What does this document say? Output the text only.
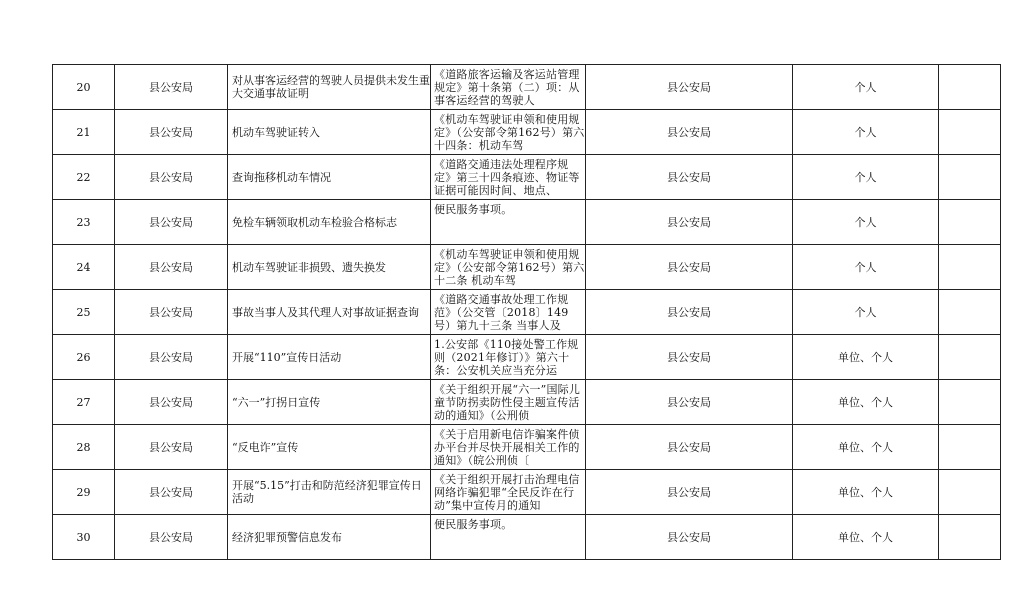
20	县公安局	对从事客运经营的驾驶人员提供未发生重大交通事故证明	《道路旅客运输及客运站管理规定》第十条第（二）项：从事客运经营的驾驶人	县公安局	个人	
21	县公安局	机动车驾驶证转入	《机动车驾驶证申领和使用规定》（公安部令第162号）第六十四条：机动车驾	县公安局	个人	
22	县公安局	查询拖移机动车情况	《道路交通违法处理程序规定》第三十四条痕迹、物证等证据可能因时间、地点、	县公安局	个人	
23	县公安局	免检车辆领取机动车检验合格标志	便民服务事项。	县公安局	个人	
24	县公安局	机动车驾驶证非损毁、遗失换发	《机动车驾驶证申领和使用规定》（公安部令第162号）第六十二条 机动车驾	县公安局	个人	
25	县公安局	事故当事人及其代理人对事故证据查询	《道路交通事故处理工作规范》（公交管〔2018〕149号）第九十三条 当事人及	县公安局	个人	
26	县公安局	开展“110”宣传日活动	1.公安部《110接处警工作规则（2021年修订）》第六十条：公安机关应当充分运	县公安局	单位、个人	
27	县公安局	“六一”打拐日宣传	《关于组织开展“六一”国际儿童节防拐卖防性侵主题宣传活动的通知》（公刑侦	县公安局	单位、个人	
28	县公安局	“反电诈”宣传	《关于启用新电信诈骗案件侦办平台并尽快开展相关工作的通知》（皖公刑侦〔	县公安局	单位、个人	
29	县公安局	开展“5.15”打击和防范经济犯罪宣传日活动	《关于组织开展打击治理电信网络诈骗犯罪“全民反诈在行动”集中宣传月的通知	县公安局	单位、个人	
30	县公安局	经济犯罪预警信息发布	便民服务事项。	县公安局	单位、个人	
